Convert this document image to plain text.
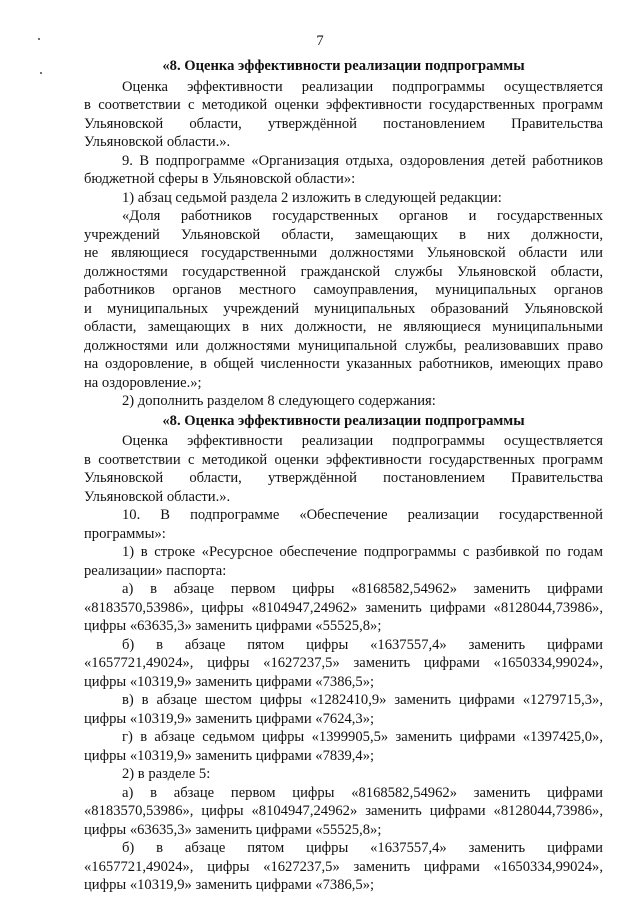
7
«8. Оценка эффективности реализации подпрограммы
Оценка эффективности реализации подпрограммы осуществляется
в соответствии с методикой оценки эффективности государственных программ
Ульяновской области, утверждённой постановлением Правительства
Ульяновской области.».
9. В подпрограмме «Организация отдыха, оздоровления детей работников
бюджетной сферы в Ульяновской области»:
1) абзац седьмой раздела 2 изложить в следующей редакции:
«Доля работников государственных органов и государственных
учреждений Ульяновской области, замещающих в них должности,
не являющиеся государственными должностями Ульяновской области или
должностями государственной гражданской службы Ульяновской области,
работников органов местного самоуправления, муниципальных органов
и муниципальных учреждений муниципальных образований Ульяновской
области, замещающих в них должности, не являющиеся муниципальными
должностями или должностями муниципальной службы, реализовавших право
на оздоровление, в общей численности указанных работников, имеющих право
на оздоровление.»;
2) дополнить разделом 8 следующего содержания:
«8. Оценка эффективности реализации подпрограммы
Оценка эффективности реализации подпрограммы осуществляется
в соответствии с методикой оценки эффективности государственных программ
Ульяновской области, утверждённой постановлением Правительства
Ульяновской области.».
10. В подпрограмме «Обеспечение реализации государственной
программы»:
1) в строке «Ресурсное обеспечение подпрограммы с разбивкой по годам
реализации» паспорта:
а) в абзаце первом цифры «8168582,54962» заменить цифрами
«8183570,53986», цифры «8104947,24962» заменить цифрами «8128044,73986»,
цифры «63635,3» заменить цифрами «55525,8»;
б) в абзаце пятом цифры «1637557,4» заменить цифрами
«1657721,49024», цифры «1627237,5» заменить цифрами «1650334,99024»,
цифры «10319,9» заменить цифрами «7386,5»;
в) в абзаце шестом цифры «1282410,9» заменить цифрами «1279715,3»,
цифры «10319,9» заменить цифрами «7624,3»;
г) в абзаце седьмом цифры «1399905,5» заменить цифрами «1397425,0»,
цифры «10319,9» заменить цифрами «7839,4»;
2) в разделе 5:
а) в абзаце первом цифры «8168582,54962» заменить цифрами
«8183570,53986», цифры «8104947,24962» заменить цифрами «8128044,73986»,
цифры «63635,3» заменить цифрами «55525,8»;
б) в абзаце пятом цифры «1637557,4» заменить цифрами
«1657721,49024», цифры «1627237,5» заменить цифрами «1650334,99024»,
цифры «10319,9» заменить цифрами «7386,5»;
